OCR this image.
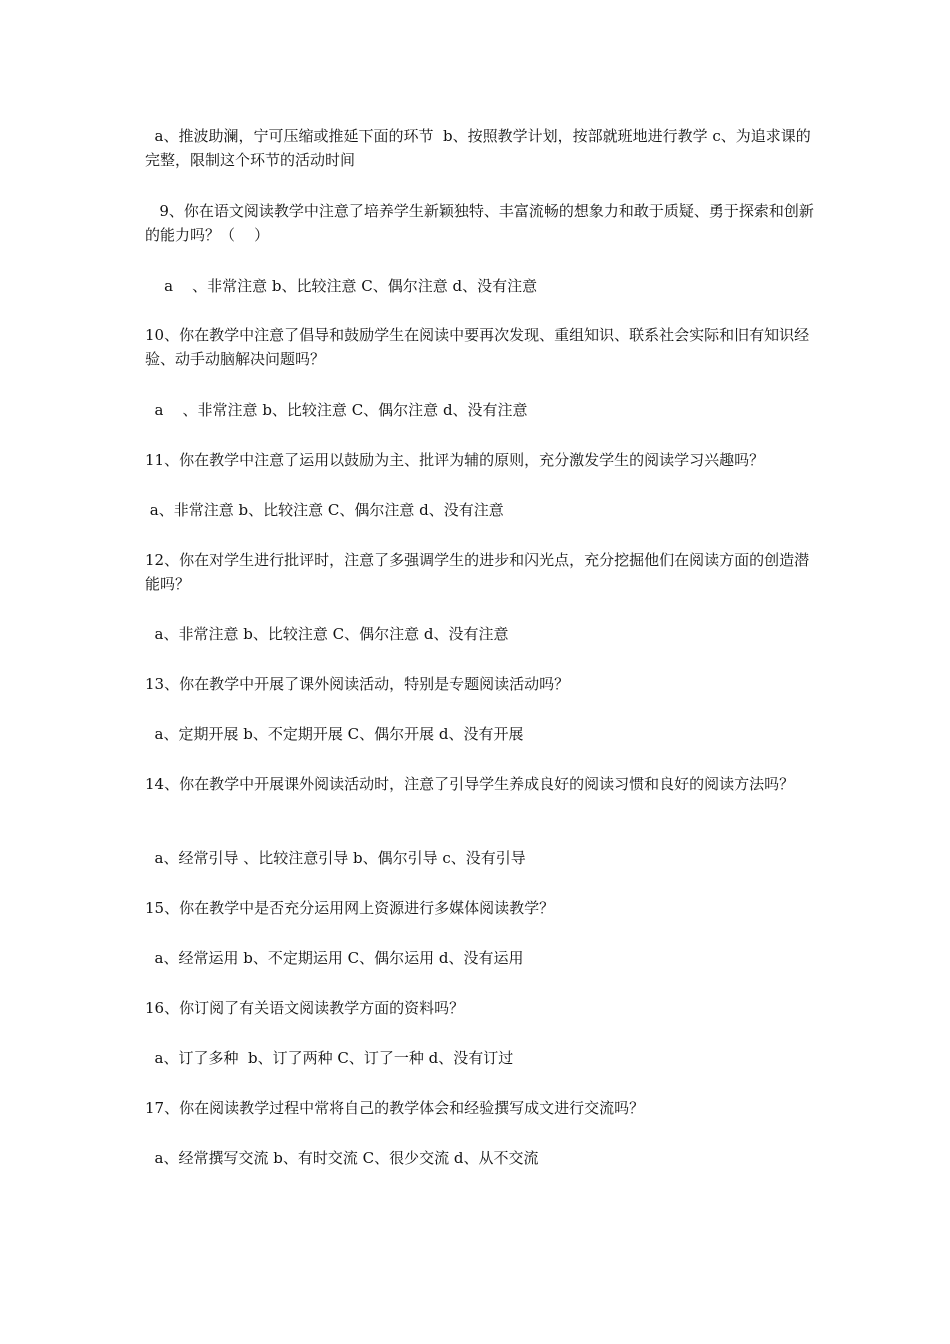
a、推波助澜，宁可压缩或推延下面的环节  b、按照教学计划，按部就班地进行教学 c、为追求课的完整，限制这个环节的活动时间

9、你在语文阅读教学中注意了培养学生新颖独特、丰富流畅的想象力和敢于质疑、勇于探索和创新的能力吗？（    ）

a    、非常注意 b、比较注意 C、偶尔注意 d、没有注意

10、你在教学中注意了倡导和鼓励学生在阅读中要再次发现、重组知识、联系社会实际和旧有知识经验、动手动脑解决问题吗？

a    、非常注意 b、比较注意 C、偶尔注意 d、没有注意

11、你在教学中注意了运用以鼓励为主、批评为辅的原则，充分激发学生的阅读学习兴趣吗？

a、非常注意 b、比较注意 C、偶尔注意 d、没有注意

12、你在对学生进行批评时，注意了多强调学生的进步和闪光点，充分挖掘他们在阅读方面的创造潜能吗？

a、非常注意 b、比较注意 C、偶尔注意 d、没有注意

13、你在教学中开展了课外阅读活动，特别是专题阅读活动吗？

a、定期开展 b、不定期开展 C、偶尔开展 d、没有开展

14、你在教学中开展课外阅读活动时，注意了引导学生养成良好的阅读习惯和良好的阅读方法吗？

a、经常引导 、比较注意引导 b、偶尔引导 c、没有引导

15、你在教学中是否充分运用网上资源进行多媒体阅读教学？

a、经常运用 b、不定期运用 C、偶尔运用 d、没有运用

16、你订阅了有关语文阅读教学方面的资料吗？

a、订了多种  b、订了两种 C、订了一种 d、没有订过

17、你在阅读教学过程中常将自己的教学体会和经验撰写成文进行交流吗？

a、经常撰写交流 b、有时交流 C、很少交流 d、从不交流
